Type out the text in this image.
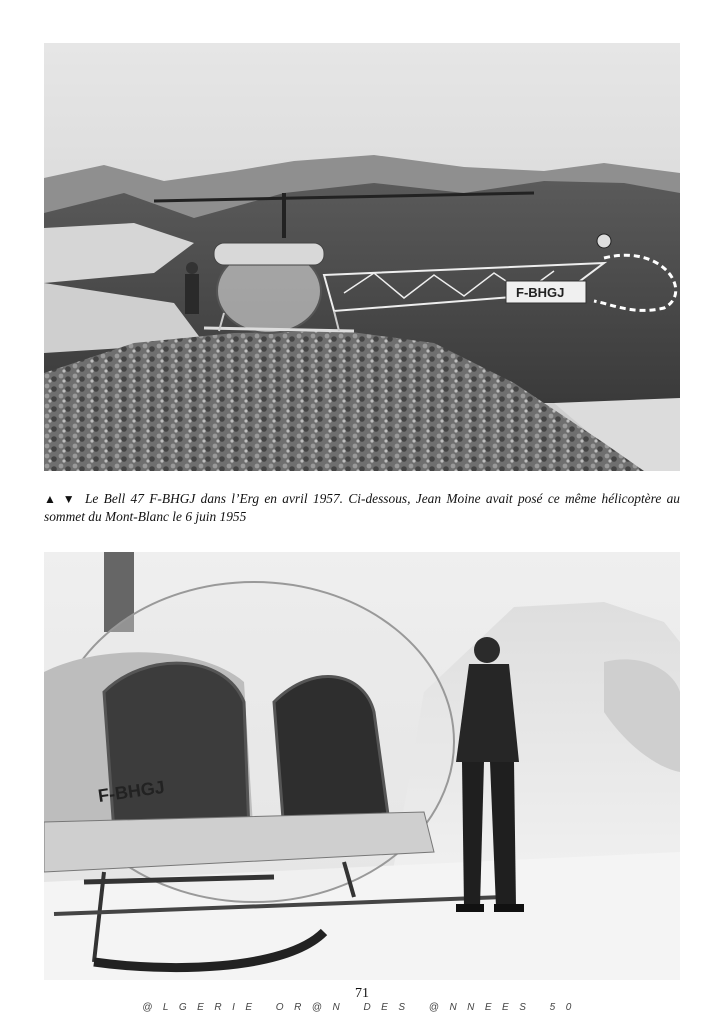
F-BHGJ
▲ ▼ Le Bell 47 F-BHGJ dans l’Erg en avril 1957. Ci-dessous, Jean Moine avait posé ce même hélicoptère au sommet du Mont-Blanc le 6 juin 1955
F-BHGJ
71
@LGERIE OR@N DES @NNEES 50
